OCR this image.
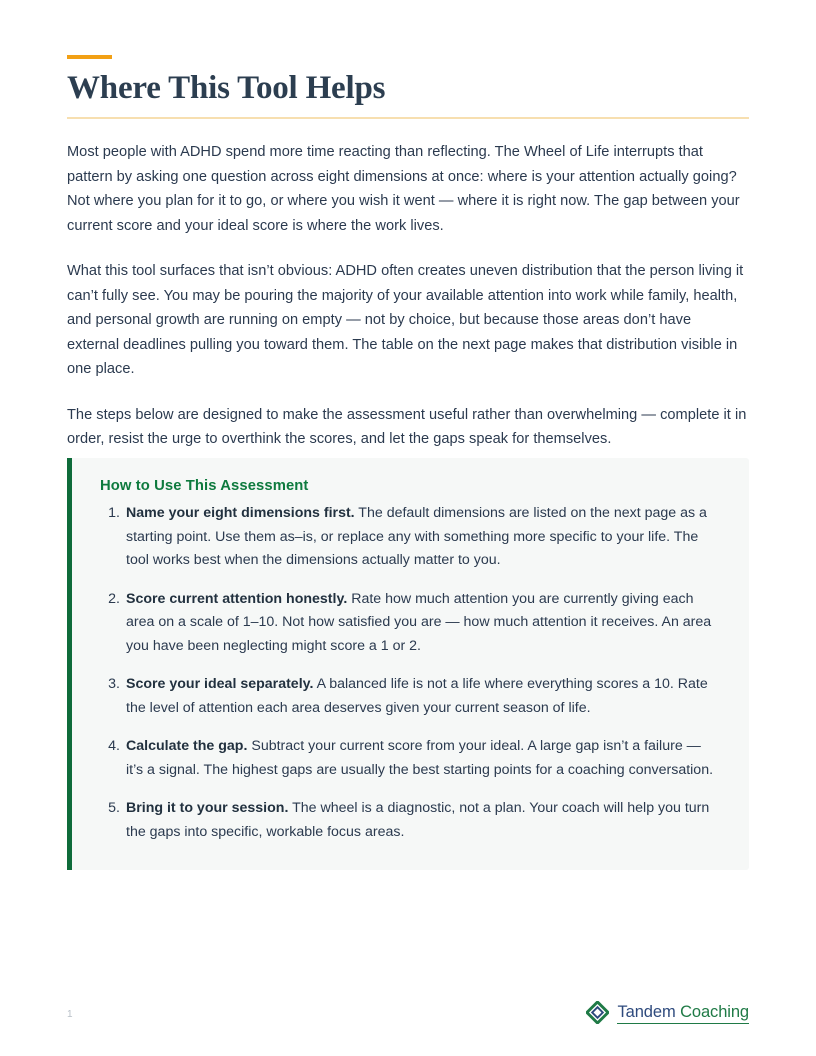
Where This Tool Helps

Most people with ADHD spend more time reacting than reflecting. The Wheel of Life interrupts that pattern by asking one question across eight dimensions at once: where is your attention actually going? Not where you plan for it to go, or where you wish it went — where it is right now. The gap between your current score and your ideal score is where the work lives.

What this tool surfaces that isn’t obvious: ADHD often creates uneven distribution that the person living it can’t fully see. You may be pouring the majority of your available attention into work while family, health, and personal growth are running on empty — not by choice, but because those areas don’t have external deadlines pulling you toward them. The table on the next page makes that distribution visible in one place.

The steps below are designed to make the assessment useful rather than overwhelming — complete it in order, resist the urge to overthink the scores, and let the gaps speak for themselves.

How to Use This Assessment
Name your eight dimensions first. The default dimensions are listed on the next page as a starting point. Use them as–is, or replace any with something more specific to your life. The tool works best when the dimensions actually matter to you.
Score current attention honestly. Rate how much attention you are currently giving each area on a scale of 1–10. Not how satisfied you are — how much attention it receives. An area you have been neglecting might score a 1 or 2.
Score your ideal separately. A balanced life is not a life where everything scores a 10. Rate the level of attention each area deserves given your current season of life.
Calculate the gap. Subtract your current score from your ideal. A large gap isn’t a failure — it’s a signal. The highest gaps are usually the best starting points for a coaching conversation.
Bring it to your session. The wheel is a diagnostic, not a plan. Your coach will help you turn the gaps into specific, workable focus areas.
1	Tandem Coaching
